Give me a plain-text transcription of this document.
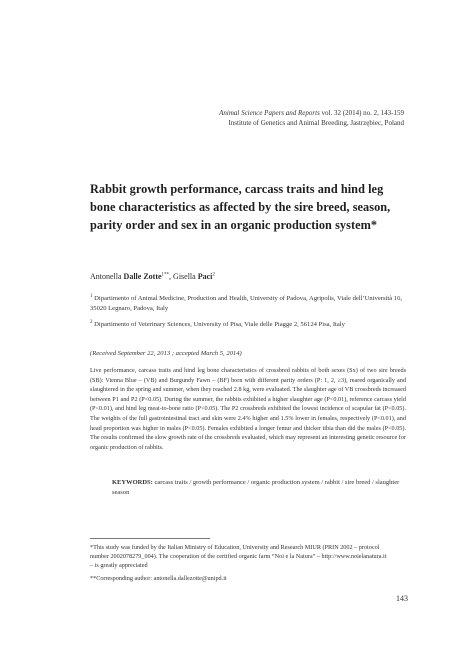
Animal Science Papers and Reports vol. 32 (2014) no. 2, 143-159
Institute of Genetics and Animal Breeding, Jastrzębiec, Poland
Rabbit growth performance, carcass traits and hind leg bone characteristics as affected by the sire breed, season, parity order and sex in an organic production system*
Antonella Dalle Zotte$^{1**}$, Gisella Paci$^2$
$^1$ Dipartimento of Animal Medicine, Production and Health, University of Padova, Agripolis, Viale dell’Università 16, 35020 Legnaro, Padova, Italy
$^2$ Dipartimento of Veterinary Sciences, University of Pisa, Viale delle Piagge 2, 56124 Pisa, Italy
(Received September 22, 2013 ; accepted March 5, 2014)
Live performance, carcass traits and hind leg bone characteristics of crossbred rabbits of both sexes (Sx) of two sire breeds (SB): Vienna Blue – (VB) and Burgundy Fawn – (BF) born with different parity orders (P: 1, 2, ≥3), reared organically and slaughtered in the spring and summer, when they reached 2.8 kg, were evaluated. The slaughter age of VB crossbreds increased between P1 and P2 (P<0.05). During the summer, the rabbits exhibited a higher slaughter age (P<0.01), reference carcass yield (P<0.01), and hind leg meat-to-bone ratio (P<0.05). The P2 crossbreds exhibited the lowest incidence of scapular fat (P<0.05). The weights of the full gastrointestinal tract and skin were 2.4% higher and 1.5% lower in females, respectively (P<0.01), and head proportion was higher in males (P<0.05). Females exhibited a longer femur and thicker tibia than did the males (P<0.05). The results confirmed the slow growth rate of the crossbreds evaluated, which may represent an interesting genetic resource for organic production of rabbits.
KEYWORDS: carcass traits / growth performance / organic production system / rabbit / sire breed / slaughter season
*This study was funded by the Italian Ministry of Education, University and Research MIUR (PRIN 2002 – protocol number 2002078279_004). The cooperation of the certified organic farm “Noi e la Natura” – http://www.noielanatura.it – is greatly appreciated
**Corresponding author: antonella.dallezotte@unipd.it
143
